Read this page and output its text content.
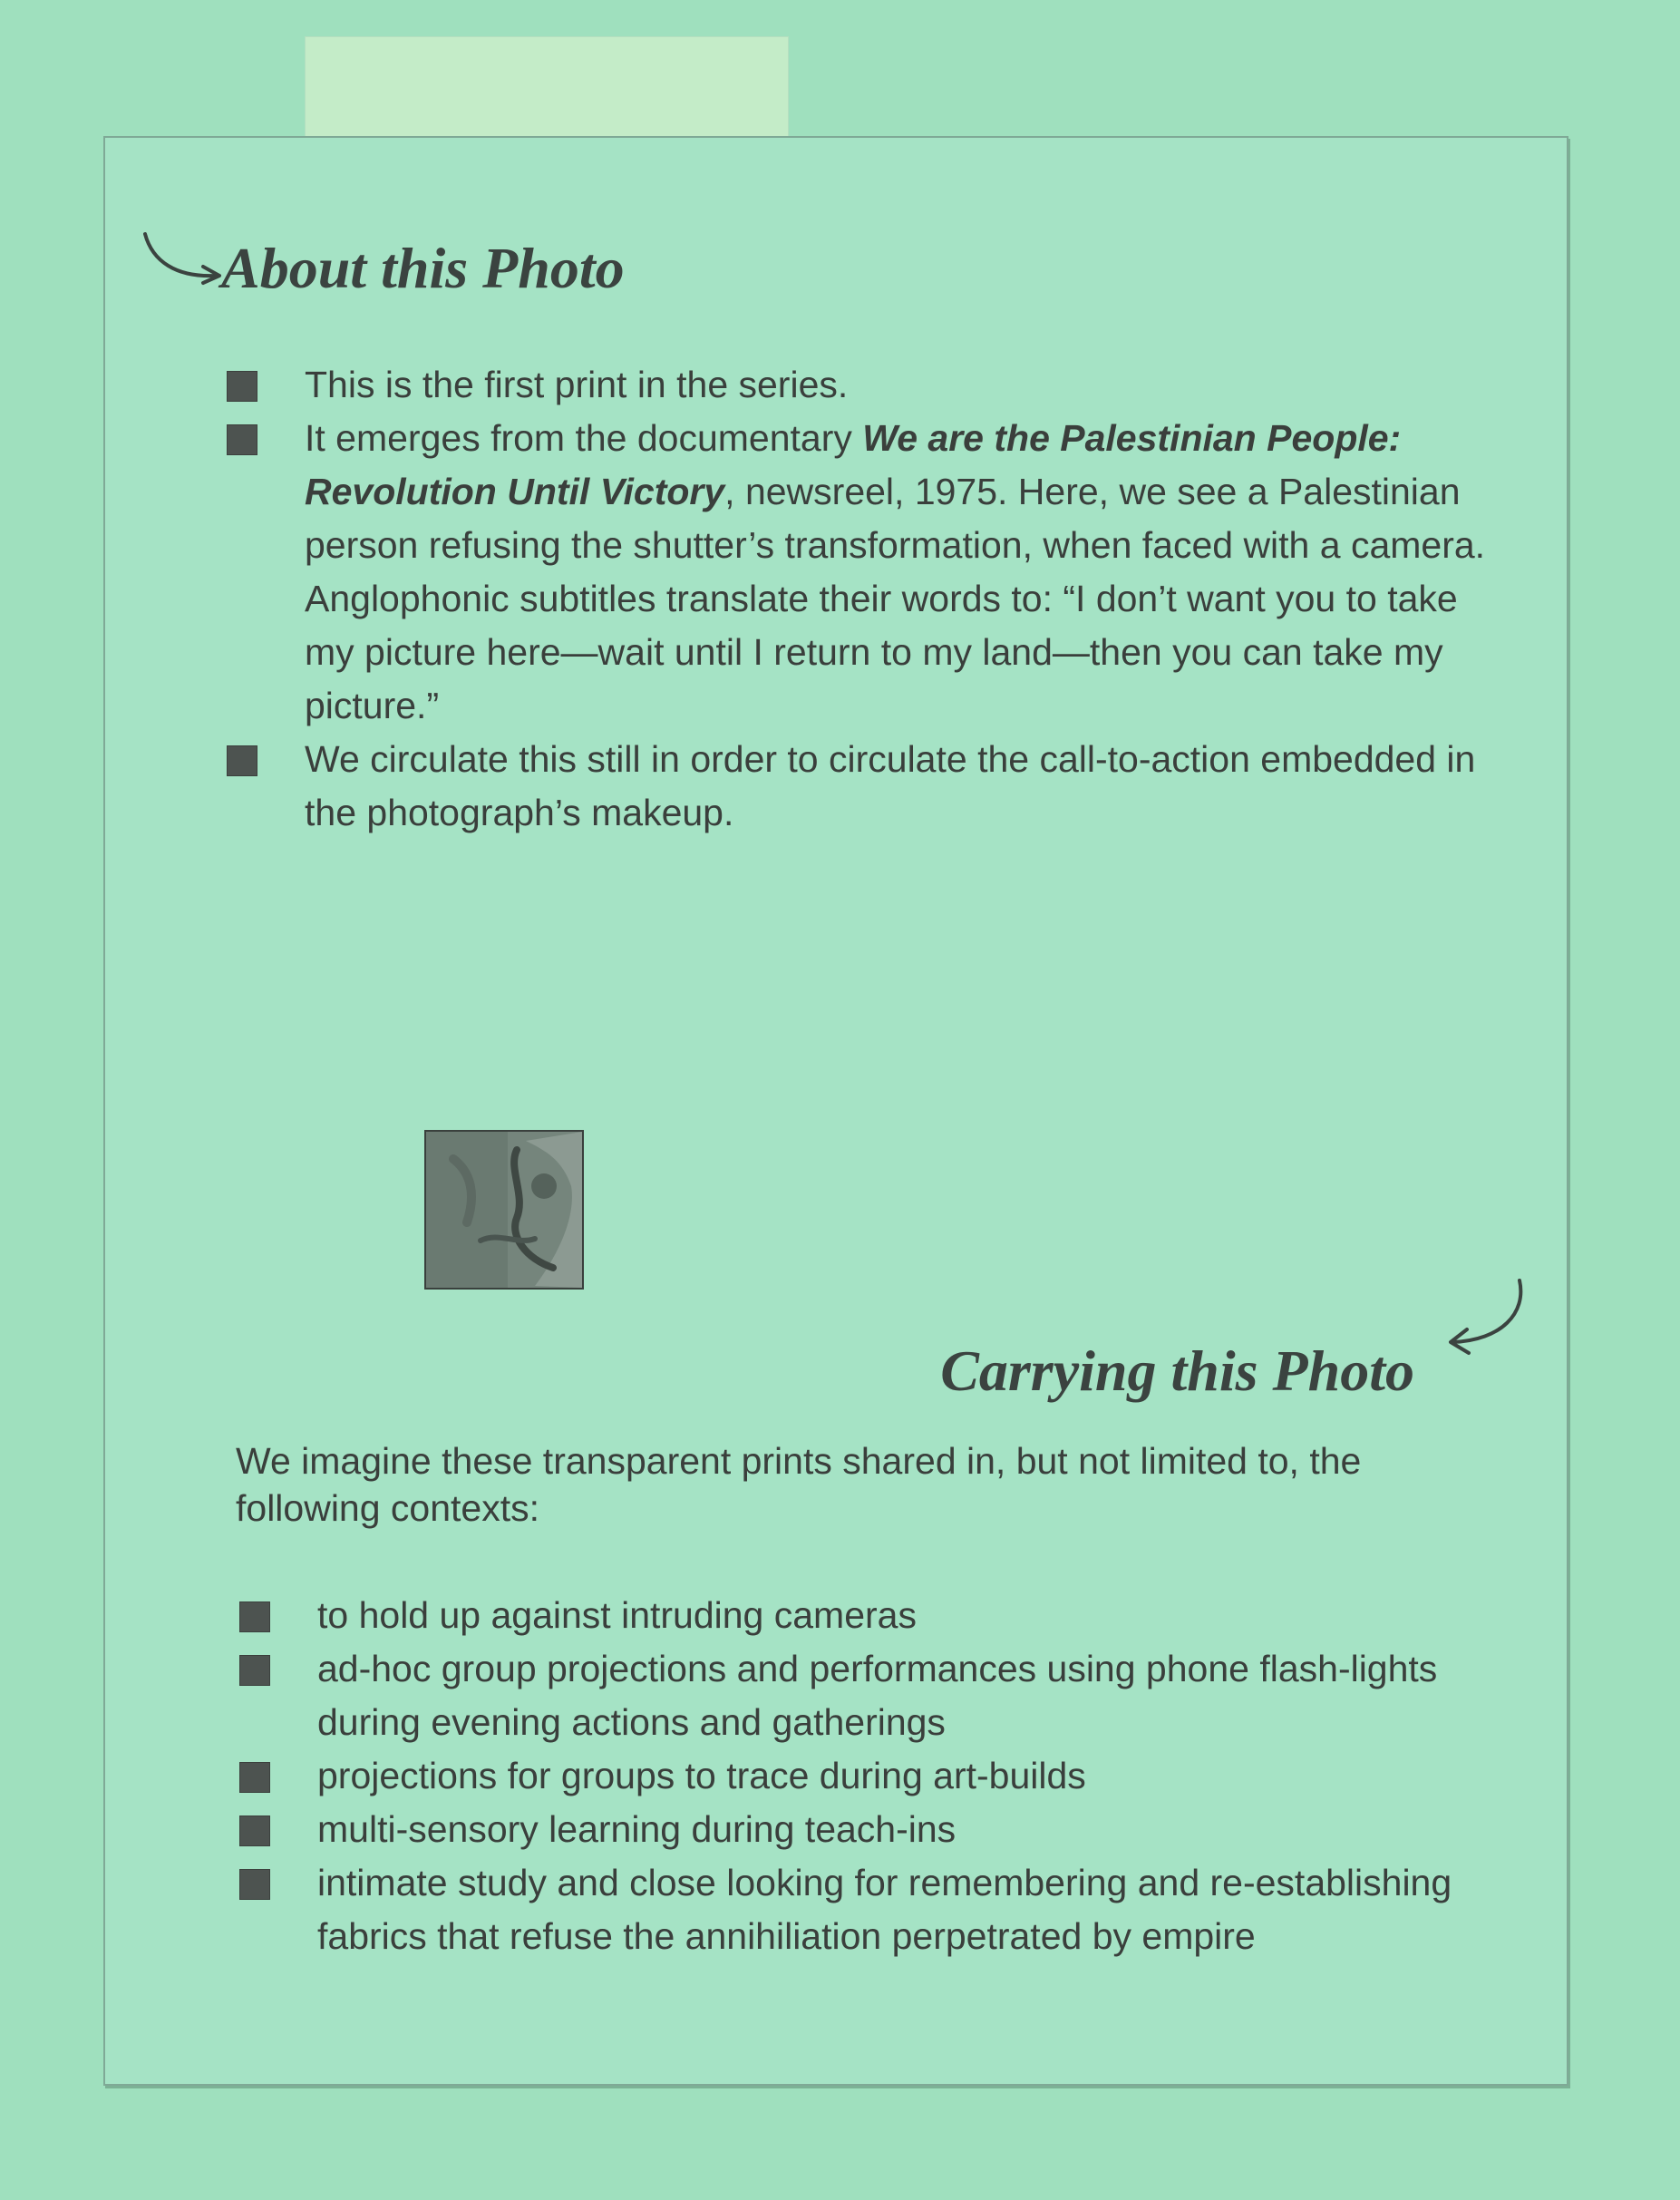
About this Photo
This is the first print in the series.
It emerges from the documentary We are the Palestinian People: Revolution Until Victory, newsreel, 1975. Here, we see a Palestinian person refusing the shutter’s transformation, when faced with a camera. Anglophonic subtitles translate their words to: “I don’t want you to take my picture here—wait until I return to my land—then you can take my picture.”
We circulate this still in order to circulate the call-to-action embedded in the photograph’s makeup.
Carrying this Photo

We imagine these transparent prints shared in, but not limited to, the following contexts:

to hold up against intruding cameras
ad-hoc group projections and performances using phone flash-lights during evening actions and gatherings
projections for groups to trace during art-builds
multi-sensory learning during teach-ins
intimate study and close looking for remembering and re-establishing fabrics that refuse the annihiliation perpetrated by empire
